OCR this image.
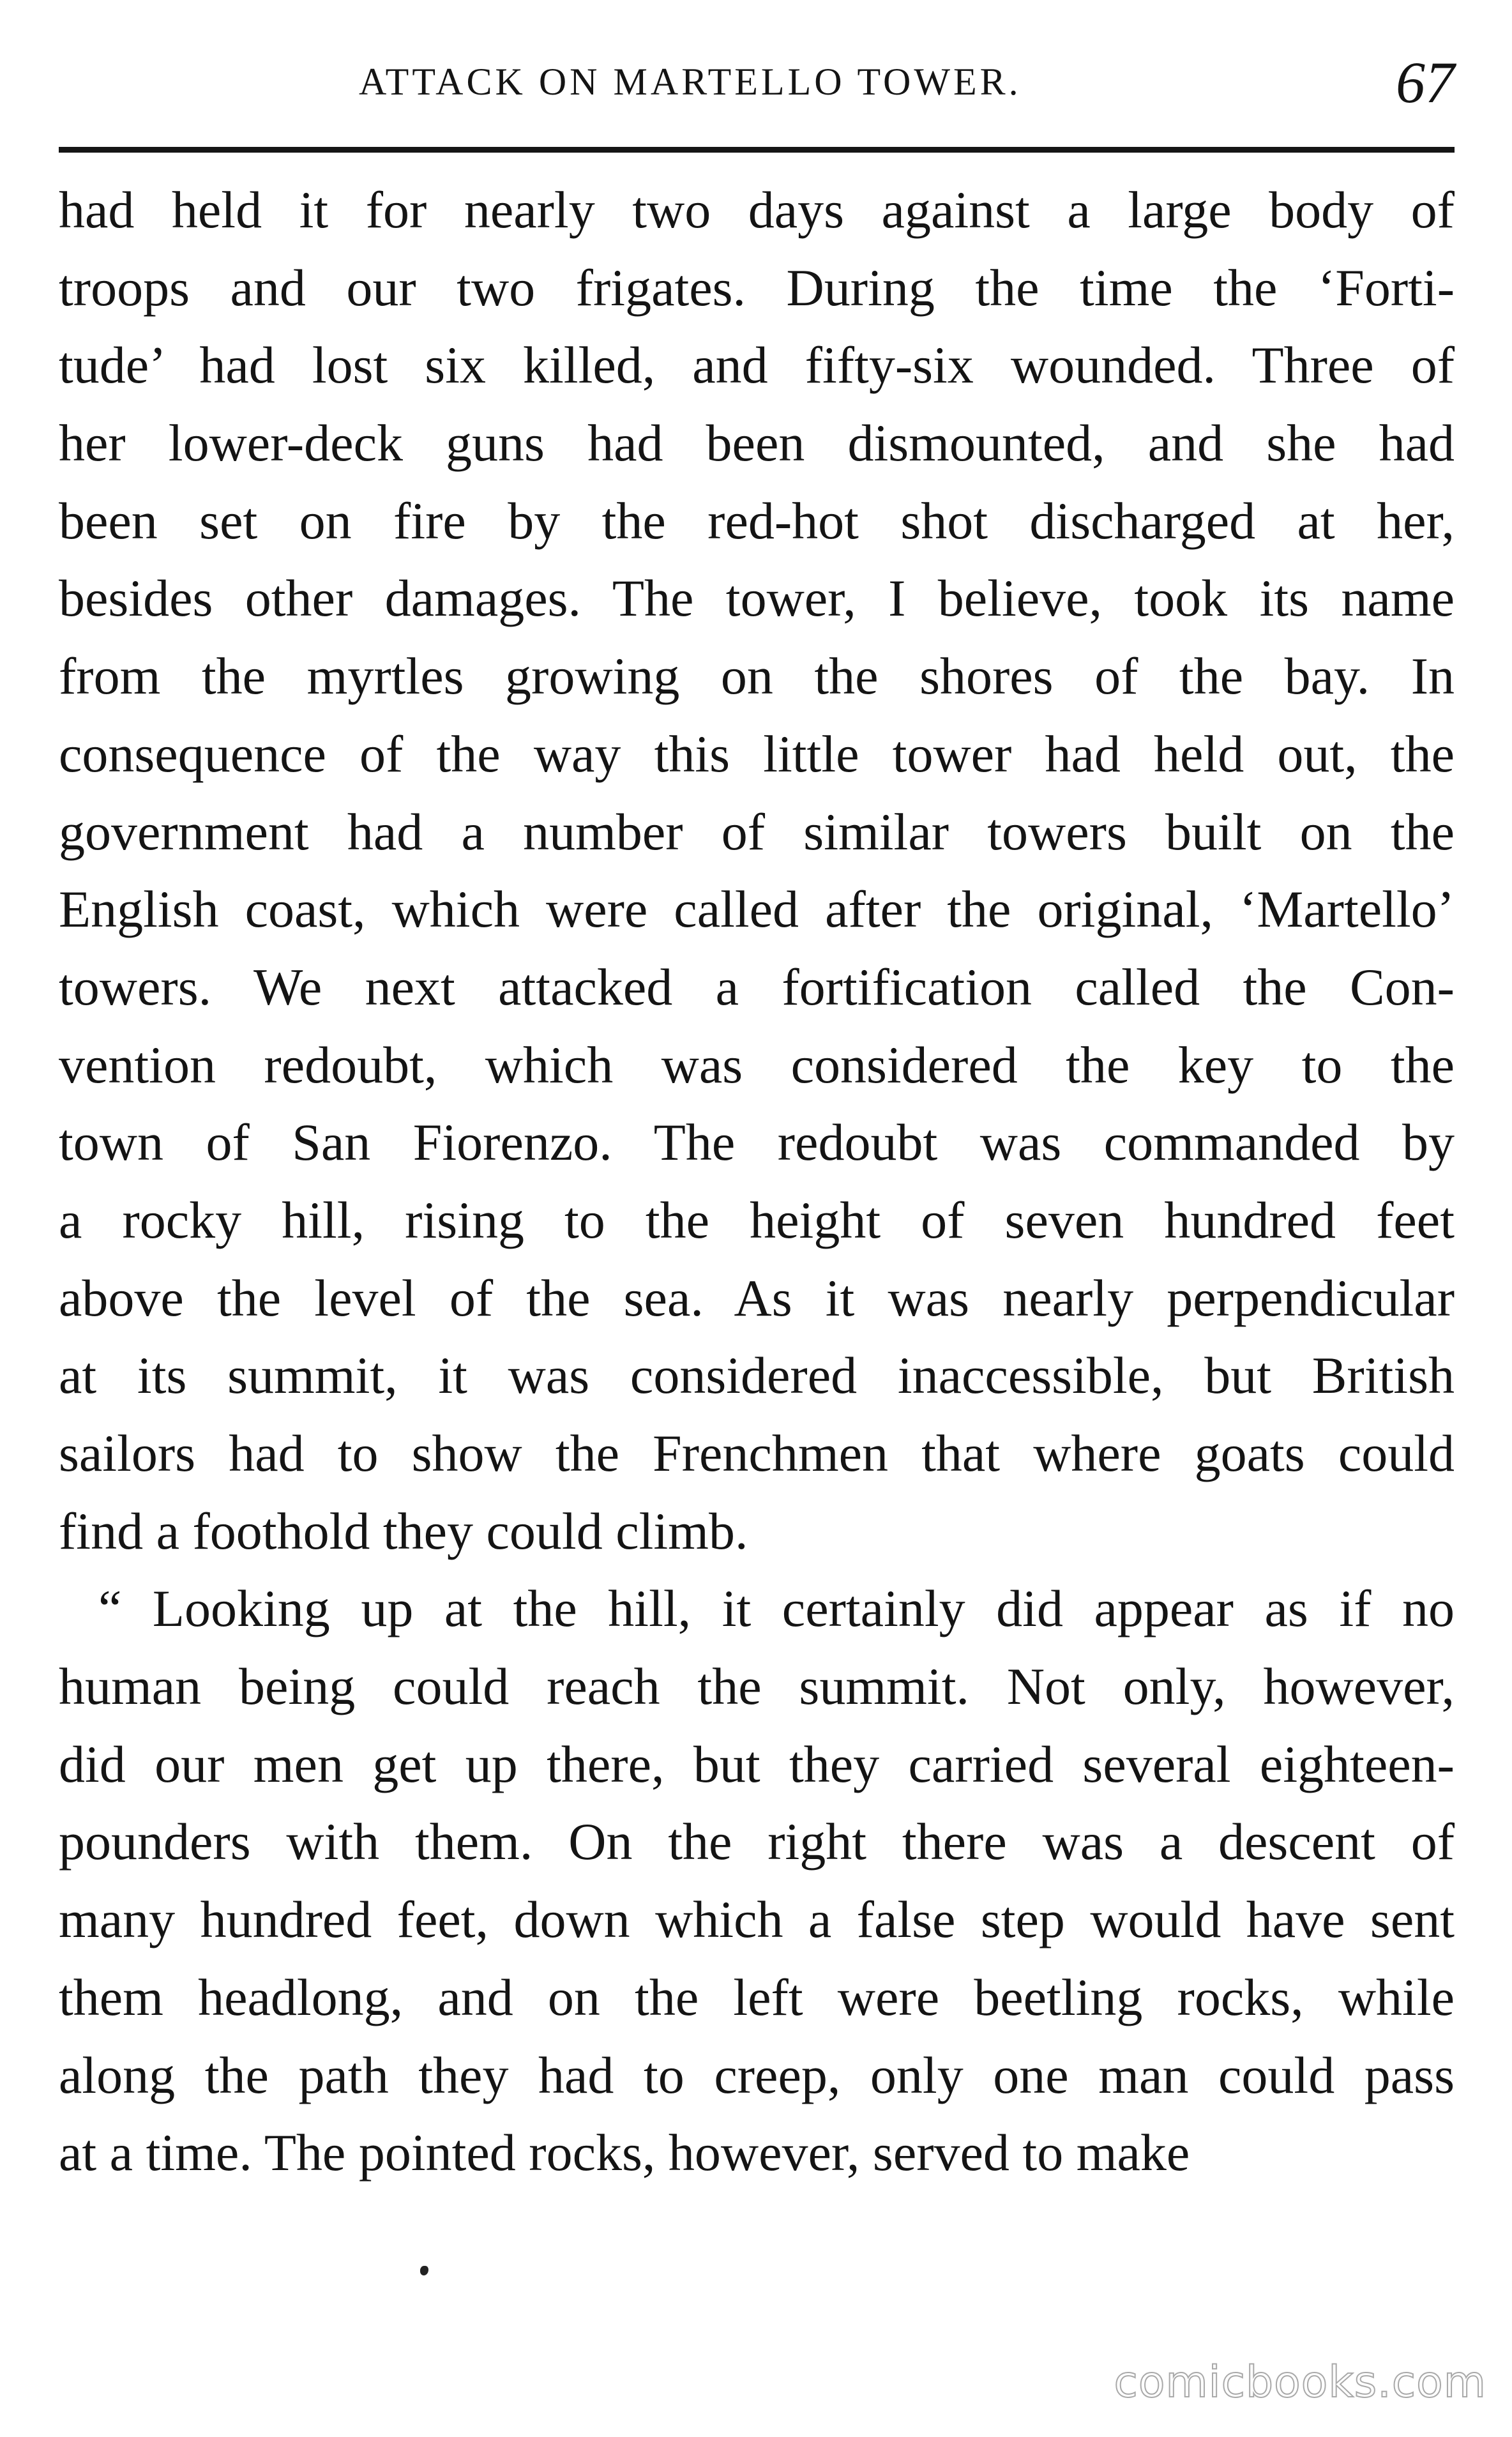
ATTACK ON MARTELLO TOWER.	67
had held it for nearly two days against a large body of
troops and our two frigates. During the time the ‘Forti-
tude’ had lost six killed, and fifty-six wounded. Three of
her lower-deck guns had been dismounted, and she had
been set on fire by the red-hot shot discharged at her,
besides other damages. The tower, I believe, took its name
from the myrtles growing on the shores of the bay. In
consequence of the way this little tower had held out, the
government had a number of similar towers built on the
English coast, which were called after the original, ‘Martello’
towers. We next attacked a fortification called the Con-
vention redoubt, which was considered the key to the
town of San Fiorenzo. The redoubt was commanded by
a rocky hill, rising to the height of seven hundred feet
above the level of the sea. As it was nearly perpendicular
at its summit, it was considered inaccessible, but British
sailors had to show the Frenchmen that where goats could
find a foothold they could climb.
“ Looking up at the hill, it certainly did appear as if no
human being could reach the summit. Not only, however,
did our men get up there, but they carried several eighteen-
pounders with them. On the right there was a descent of
many hundred feet, down which a false step would have sent
them headlong, and on the left were beetling rocks, while
along the path they had to creep, only one man could pass
at a time. The pointed rocks, however, served to make
comicbooks.com
